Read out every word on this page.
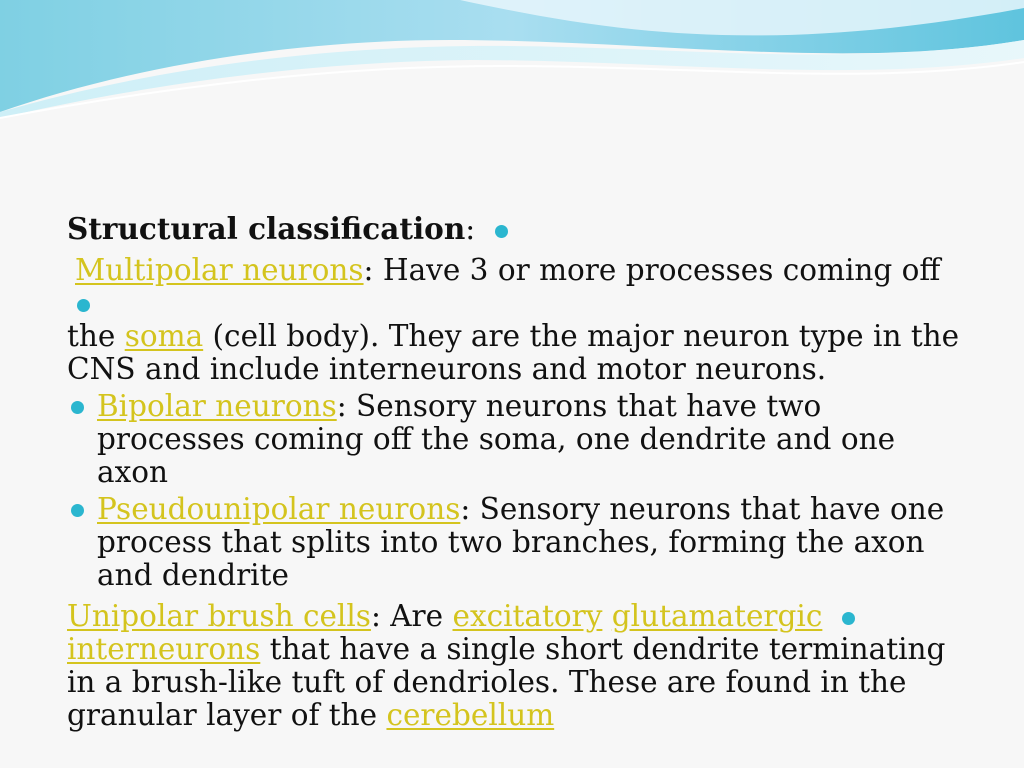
Structural classification:

Multipolar neurons: Have 3 or more processes coming off
the soma (cell body). They are the major neuron type in the CNS and include interneurons and motor neurons.

Bipolar neurons: Sensory neurons that have two processes coming off the soma, one dendrite and one axon
Pseudounipolar neurons: Sensory neurons that have one process that splits into two branches, forming the axon and dendrite

Unipolar brush cells: Are excitatory glutamatergic
interneurons that have a single short dendrite terminating in a brush-like tuft of dendrioles. These are found in the granular layer of the cerebellum
